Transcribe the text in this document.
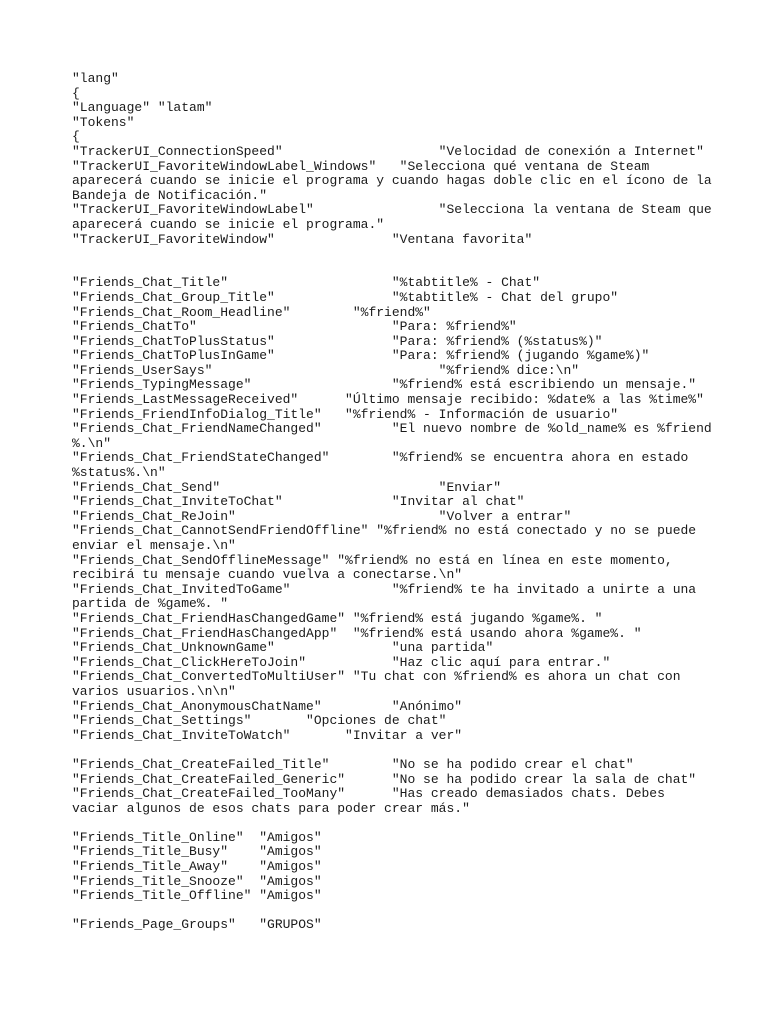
"lang"
{
"Language" "latam"
"Tokens"
{
"TrackerUI_ConnectionSpeed"                    "Velocidad de conexión a Internet"
"TrackerUI_FavoriteWindowLabel_Windows"   "Selecciona qué ventana de Steam
aparecerá cuando se inicie el programa y cuando hagas doble clic en el ícono de la
Bandeja de Notificación."
"TrackerUI_FavoriteWindowLabel"                "Selecciona la ventana de Steam que
aparecerá cuando se inicie el programa."
"TrackerUI_FavoriteWindow"               "Ventana favorita"
"Friends_Chat_Title"                     "%tabtitle% - Chat"
"Friends_Chat_Group_Title"               "%tabtitle% - Chat del grupo"
"Friends_Chat_Room_Headline"        "%friend%"
"Friends_ChatTo"                         "Para: %friend%"
"Friends_ChatToPlusStatus"               "Para: %friend% (%status%)"
"Friends_ChatToPlusInGame"               "Para: %friend% (jugando %game%)"
"Friends_UserSays"                             "%friend% dice:\n"
"Friends_TypingMessage"                  "%friend% está escribiendo un mensaje."
"Friends_LastMessageReceived"      "Último mensaje recibido: %date% a las %time%"
"Friends_FriendInfoDialog_Title"   "%friend% - Información de usuario"
"Friends_Chat_FriendNameChanged"         "El nuevo nombre de %old_name% es %friend
%.\n"
"Friends_Chat_FriendStateChanged"        "%friend% se encuentra ahora en estado
%status%.\n"
"Friends_Chat_Send"                            "Enviar"
"Friends_Chat_InviteToChat"              "Invitar al chat"
"Friends_Chat_ReJoin"                          "Volver a entrar"
"Friends_Chat_CannotSendFriendOffline" "%friend% no está conectado y no se puede
enviar el mensaje.\n"
"Friends_Chat_SendOfflineMessage" "%friend% no está en línea en este momento,
recibirá tu mensaje cuando vuelva a conectarse.\n"
"Friends_Chat_InvitedToGame"             "%friend% te ha invitado a unirte a una
partida de %game%. "
"Friends_Chat_FriendHasChangedGame" "%friend% está jugando %game%. "
"Friends_Chat_FriendHasChangedApp"  "%friend% está usando ahora %game%. "
"Friends_Chat_UnknownGame"               "una partida"
"Friends_Chat_ClickHereToJoin"           "Haz clic aquí para entrar."
"Friends_Chat_ConvertedToMultiUser" "Tu chat con %friend% es ahora un chat con
varios usuarios.\n\n"
"Friends_Chat_AnonymousChatName"         "Anónimo"
"Friends_Chat_Settings"       "Opciones de chat"
"Friends_Chat_InviteToWatch"       "Invitar a ver"
"Friends_Chat_CreateFailed_Title"        "No se ha podido crear el chat"
"Friends_Chat_CreateFailed_Generic"      "No se ha podido crear la sala de chat"
"Friends_Chat_CreateFailed_TooMany"      "Has creado demasiados chats. Debes
vaciar algunos de esos chats para poder crear más."
"Friends_Title_Online"  "Amigos"
"Friends_Title_Busy"    "Amigos"
"Friends_Title_Away"    "Amigos"
"Friends_Title_Snooze"  "Amigos"
"Friends_Title_Offline" "Amigos"
"Friends_Page_Groups"   "GRUPOS"
